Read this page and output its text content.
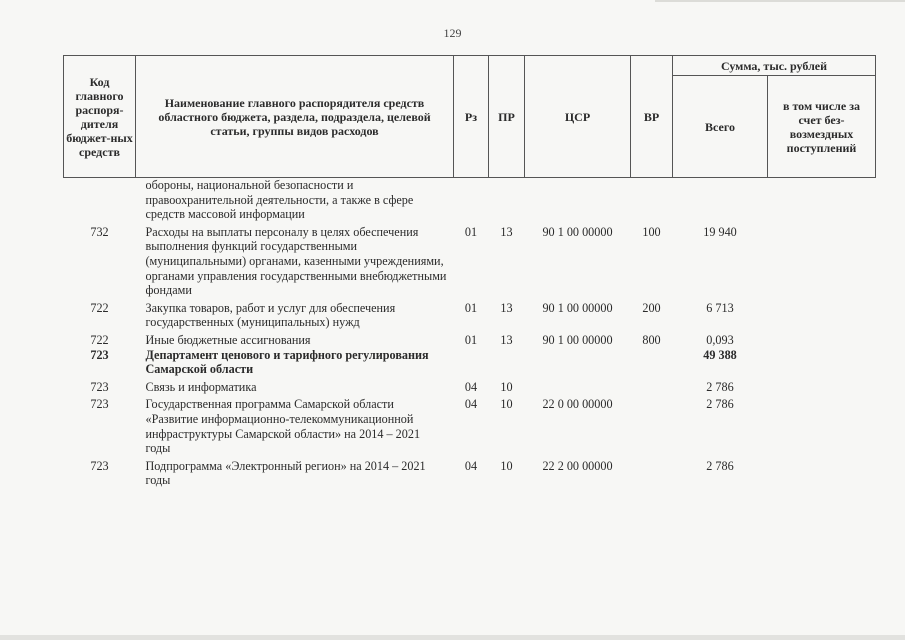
129
Код главного распоря-дителя бюджет-ных средств	Наименование главного распорядителя средств областного бюджета, раздела, подраздела, целевой статьи, группы видов расходов	Рз	ПР	ЦСР	ВР	Сумма, тыс. рублей	
						Всего	в том числе за счет без-возмездных поступлений
	обороны, национальной безопасности и правоохранительной деятельности, а также в сфере средств массовой информации						
732	Расходы на выплаты персоналу в целях обеспечения выполнения функций государственными (муниципальными) органами, казенными учреждениями, органами управления государственными внебюджетными фондами	01	13	90 1 00 00000	100	19 940	
722	Закупка товаров, работ и услуг для обеспечения государственных (муниципальных) нужд	01	13	90 1 00 00000	200	6 713	
722	Иные бюджетные ассигнования	01	13	90 1 00 00000	800	0,093	
723	Департамент ценового и тарифного регулирования Самарской области					49 388	
723	Связь и информатика	04	10			2 786	
723	Государственная программа Самарской области «Развитие информационно-телекоммуникационной инфраструктуры Самарской области» на 2014 – 2021 годы	04	10	22 0 00 00000		2 786	
723	Подпрограмма «Электронный регион» на 2014 – 2021 годы	04	10	22 2 00 00000		2 786	
